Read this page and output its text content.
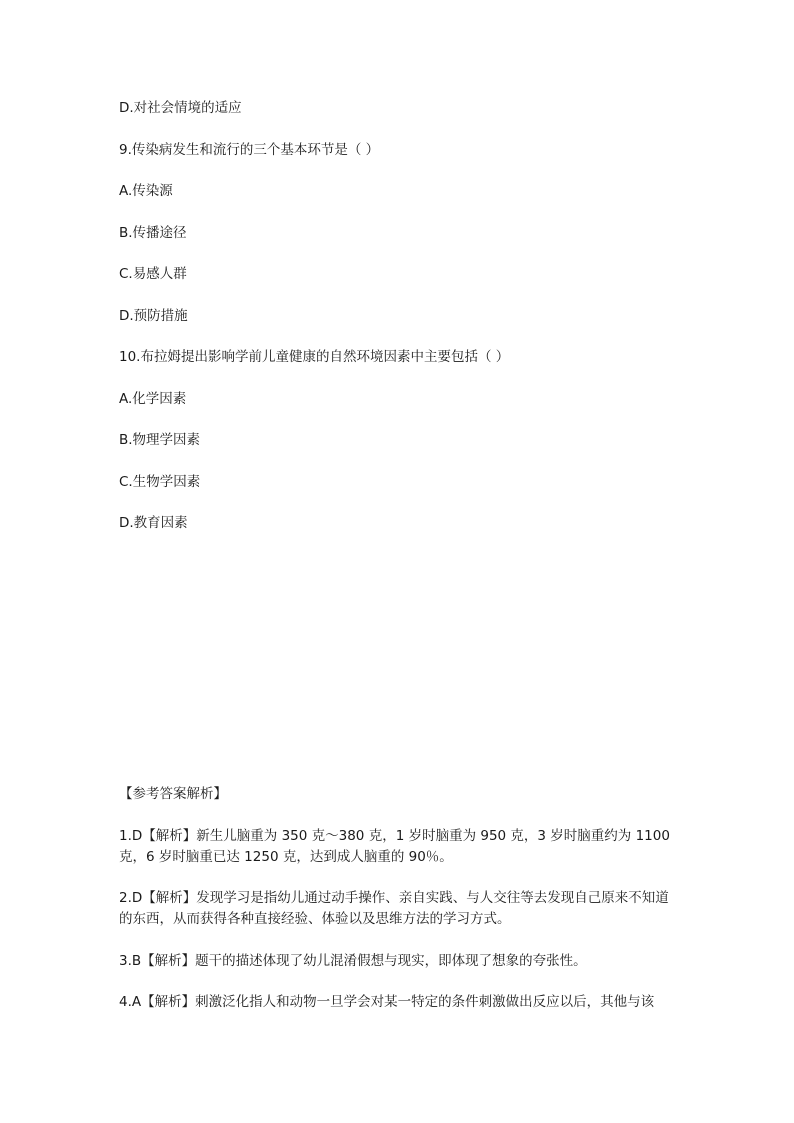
D.对社会情境的适应
9.传染病发生和流行的三个基本环节是（ ）
A.传染源
B.传播途径
C.易感人群
D.预防措施
10.布拉姆提出影响学前儿童健康的自然环境因素中主要包括（ ）
A.化学因素
B.物理学因素
C.生物学因素
D.教育因素
【参考答案解析】
1.D【解析】新生儿脑重为 350 克～380 克，1 岁时脑重为 950 克，3 岁时脑重约为 1100 克，6 岁时脑重已达 1250 克，达到成人脑重的 90％。
2.D【解析】发现学习是指幼儿通过动手操作、亲自实践、与人交往等去发现自己原来不知道的东西，从而获得各种直接经验、体验以及思维方法的学习方式。
3.B【解析】题干的描述体现了幼儿混淆假想与现实，即体现了想象的夸张性。
4.A【解析】刺激泛化指人和动物一旦学会对某一特定的条件刺激做出反应以后，其他与该
